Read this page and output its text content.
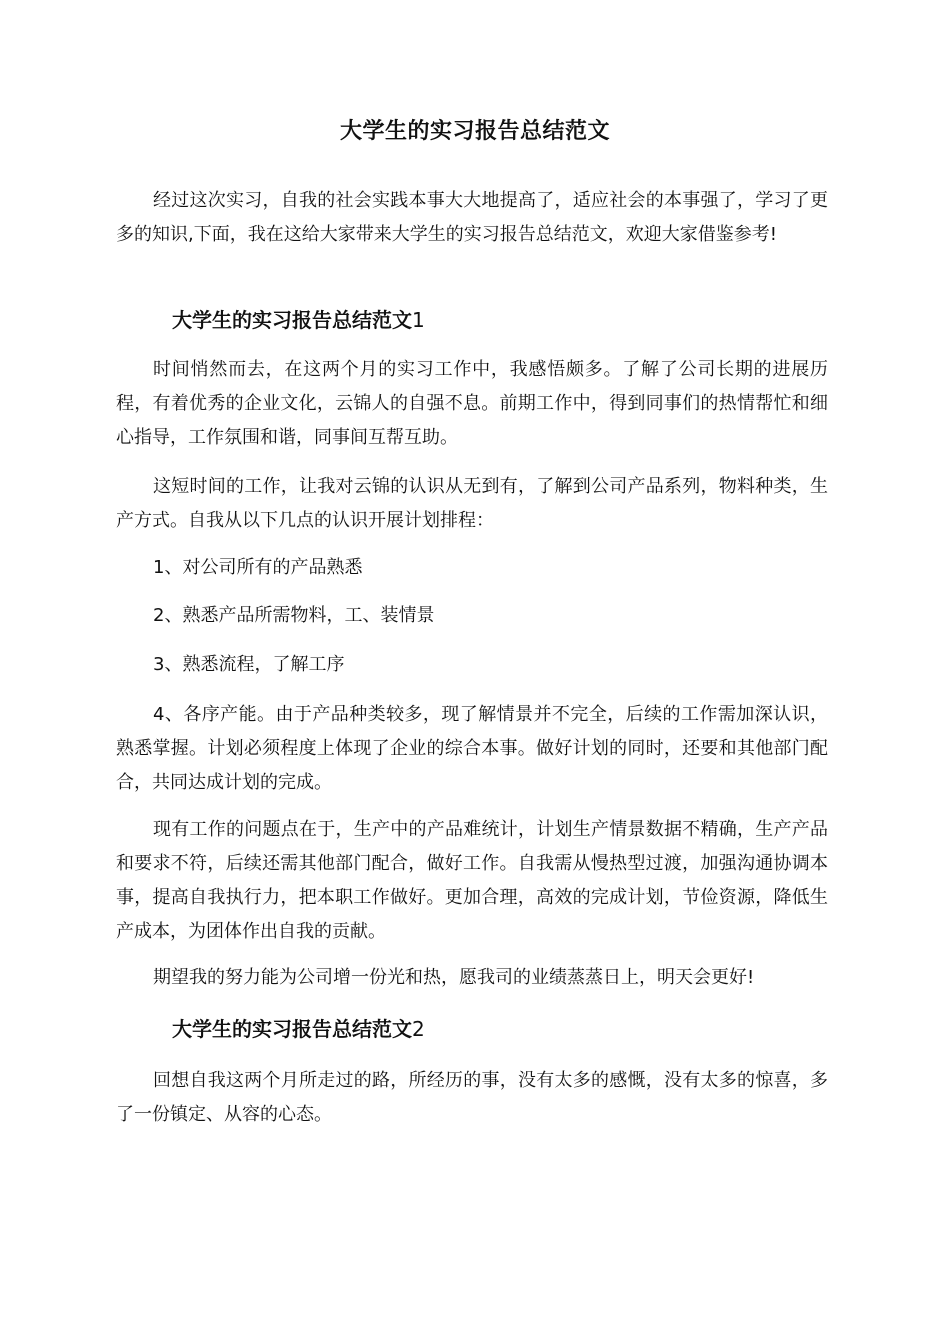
大学生的实习报告总结范文

经过这次实习，自我的社会实践本事大大地提高了，适应社会的本事强了，学习了更多的知识,下面，我在这给大家带来大学生的实习报告总结范文，欢迎大家借鉴参考!

大学生的实习报告总结范文1

时间悄然而去，在这两个月的实习工作中，我感悟颇多。了解了公司长期的进展历程，有着优秀的企业文化，云锦人的自强不息。前期工作中，得到同事们的热情帮忙和细心指导，工作氛围和谐，同事间互帮互助。

这短时间的工作，让我对云锦的认识从无到有，了解到公司产品系列，物料种类，生产方式。自我从以下几点的认识开展计划排程：

1、对公司所有的产品熟悉

2、熟悉产品所需物料，工、装情景

3、熟悉流程，了解工序

4、各序产能。由于产品种类较多，现了解情景并不完全，后续的工作需加深认识，熟悉掌握。计划必须程度上体现了企业的综合本事。做好计划的同时，还要和其他部门配合，共同达成计划的完成。

现有工作的问题点在于，生产中的产品难统计，计划生产情景数据不精确，生产产品和要求不符，后续还需其他部门配合，做好工作。自我需从慢热型过渡，加强沟通协调本事，提高自我执行力，把本职工作做好。更加合理，高效的完成计划，节俭资源，降低生产成本，为团体作出自我的贡献。

期望我的努力能为公司增一份光和热，愿我司的业绩蒸蒸日上，明天会更好!

大学生的实习报告总结范文2

回想自我这两个月所走过的路，所经历的事，没有太多的感慨，没有太多的惊喜，多了一份镇定、从容的心态。
